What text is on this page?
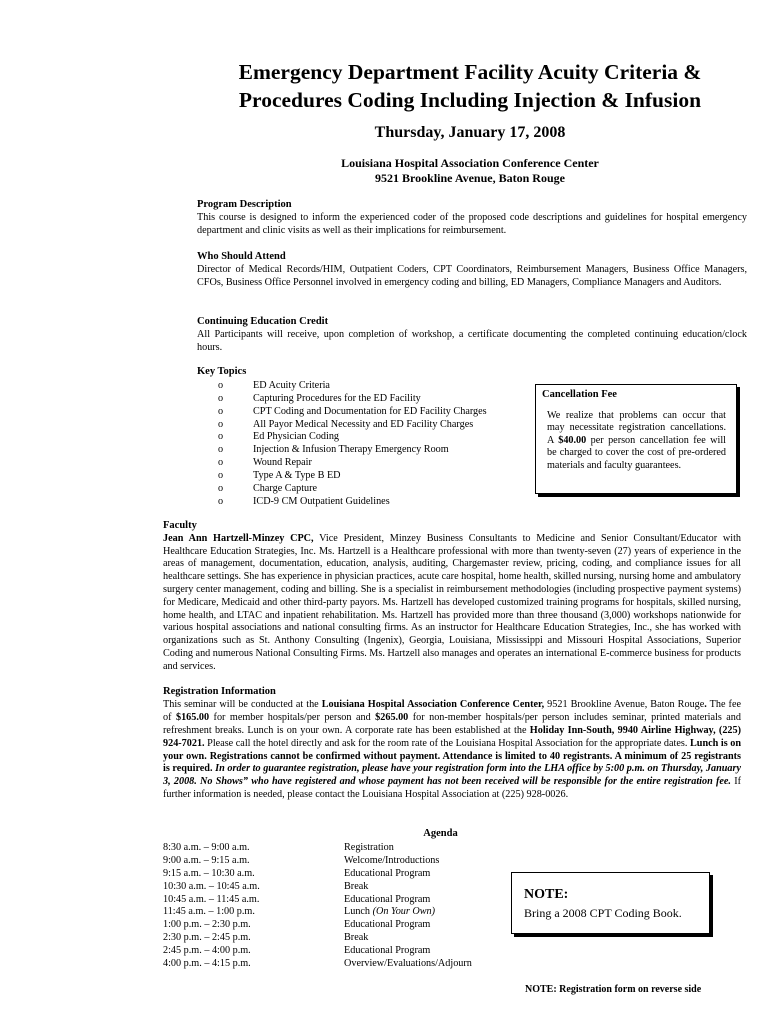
Emergency Department Facility Acuity Criteria &
Procedures Coding Including Injection & Infusion
Thursday, January 17, 2008
Louisiana Hospital Association Conference Center
9521 Brookline Avenue, Baton Rouge
Program Description

This course is designed to inform the experienced coder of the proposed code descriptions and guidelines for hospital emergency department and clinic visits as well as their implications for reimbursement.

Who Should Attend

Director of Medical Records/HIM, Outpatient Coders, CPT Coordinators, Reimbursement Managers, Business Office Managers, CFOs, Business Office Personnel involved in emergency coding and billing, ED Managers, Compliance Managers and Auditors.

Continuing Education Credit

All Participants will receive, upon completion of workshop, a certificate documenting the completed continuing education/clock hours.

Key Topics
o	ED Acuity Criteria
o	Capturing Procedures for the ED Facility
o	CPT Coding and Documentation for ED Facility Charges
o	All Payor Medical Necessity and ED Facility Charges
o	Ed Physician Coding
o	Injection & Infusion Therapy Emergency Room
o	Wound Repair
o	Type A & Type B ED
o	Charge Capture
o	ICD-9 CM Outpatient Guidelines
Cancellation Fee

We realize that problems can occur that may necessitate registration cancellations. A $40.00 per person cancellation fee will be charged to cover the cost of pre-ordered materials and faculty guarantees.

Faculty

Jean Ann Hartzell-Minzey CPC, Vice President, Minzey Business Consultants to Medicine and Senior Consultant/Educator with Healthcare Education Strategies, Inc. Ms. Hartzell is a Healthcare professional with more than twenty-seven (27) years of experience in the areas of management, documentation, education, analysis, auditing, Chargemaster review, pricing, coding, and compliance issues for all healthcare settings. She has experience in physician practices, acute care hospital, home health, skilled nursing, nursing home and ambulatory surgery center management, coding and billing. She is a specialist in reimbursement methodologies (including prospective payment systems) for Medicare, Medicaid and other third-party payors. Ms. Hartzell has developed customized training programs for hospitals, skilled nursing, home health, and LTAC and inpatient rehabilitation. Ms. Hartzell has provided more than three thousand (3,000) workshops nationwide for various hospital associations and national consulting firms. As an instructor for Healthcare Education Strategies, Inc., she has worked with organizations such as St. Anthony Consulting (Ingenix), Georgia, Louisiana, Mississippi and Missouri Hospital Associations, Superior Coding and numerous National Consulting Firms. Ms. Hartzell also manages and operates an international E-commerce business for products and services.

Registration Information

This seminar will be conducted at the Louisiana Hospital Association Conference Center, 9521 Brookline Avenue, Baton Rouge. The fee of $165.00 for member hospitals/per person and $265.00 for non-member hospitals/per person includes seminar, printed materials and refreshment breaks. Lunch is on your own. A corporate rate has been established at the Holiday Inn-South, 9940 Airline Highway, (225) 924-7021. Please call the hotel directly and ask for the room rate of the Louisiana Hospital Association for the appropriate dates. Lunch is on your own. Registrations cannot be confirmed without payment. Attendance is limited to 40 registrants. A minimum of 25 registrants is required. In order to guarantee registration, please have your registration form into the LHA office by 5:00 p.m. on Thursday, January 3, 2008. No Shows” who have registered and whose payment has not been received will be responsible for the entire registration fee. If further information is needed, please contact the Louisiana Hospital Association at (225) 928-0026.

Agenda
8:30 a.m. – 9:00 a.m.	Registration
9:00 a.m. – 9:15 a.m.	Welcome/Introductions
9:15 a.m. – 10:30 a.m.	Educational Program
10:30 a.m. – 10:45 a.m.	Break
10:45 a.m. – 11:45 a.m.	Educational Program
11:45 a.m. – 1:00 p.m.	Lunch (On Your Own)
1:00 p.m. – 2:30 p.m.	Educational Program
2:30 p.m. – 2:45 p.m.	Break
2:45 p.m. – 4:00 p.m.	Educational Program
4:00 p.m. – 4:15 p.m.	Overview/Evaluations/Adjourn
NOTE:

Bring a 2008 CPT Coding Book.

NOTE: Registration form on reverse side
